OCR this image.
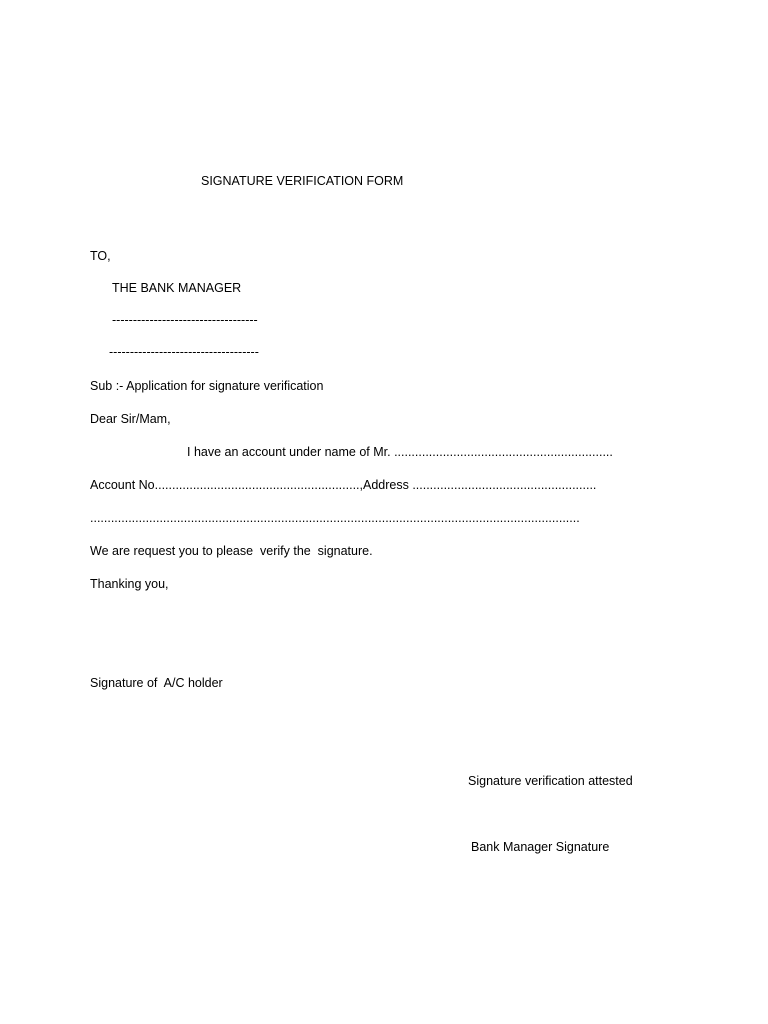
SIGNATURE VERIFICATION FORM
TO,
THE BANK MANAGER
-----------------------------------
------------------------------------
Sub :- Application for signature verification
Dear Sir/Mam,
I have an account under name of Mr. ...............................................................
Account No...........................................................,Address .....................................................
.............................................................................................................................................
We are request you to please  verify the  signature.
Thanking you,
Signature of  A/C holder
Signature verification attested
Bank Manager Signature
